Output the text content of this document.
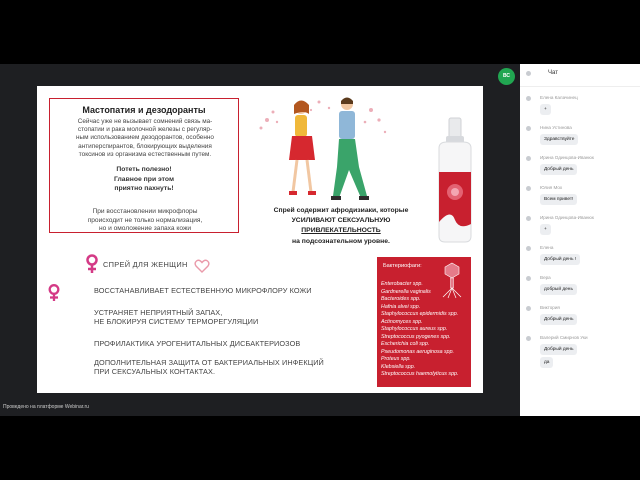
Мастопатия и дезодоранты
Сейчас уже не вызывает сомнений связь ма-
стопатии и рака молочной железы с регуляр-
ным использованием дезодорантов, особенно
антиперспирантов, блокирующих выделения
токсинов из организма естественным путем.
Потеть полезно!
Главное при этом
приятно пахнуть!
При восстановлении микрофлоры
происходит не только нормализация,
но и омоложение запаха кожи
Спрей содержит афродизиаки, которые
УСИЛИВАЮТ СЕКСУАЛЬНУЮ
ПРИВЛЕКАТЕЛЬНОСТЬ
на подсознательном уровне.
СПРЕЙ ДЛЯ ЖЕНЩИН
ВОССТАНАВЛИВАЕТ ЕСТЕСТВЕННУЮ МИКРОФЛОРУ КОЖИ
УСТРАНЯЕТ НЕПРИЯТНЫЙ ЗАПАХ,
НЕ БЛОКИРУЯ СИСТЕМУ ТЕРМОРЕГУЛЯЦИИ
ПРОФИЛАКТИКА УРОГЕНИТАЛЬНЫХ ДИСБАКТЕРИОЗОВ
ДОПОЛНИТЕЛЬНАЯ ЗАЩИТА ОТ БАКТЕРИАЛЬНЫХ ИНФЕКЦИЙ
ПРИ СЕКСУАЛЬНЫХ КОНТАКТАХ.
Бактериофаги:
Enterobacter spp.
Gardnerella vaginalis
Bacteroides spp.
Hafnia alvei spp.
Staphylococcus epidermidis spp.
Actinomyces spp.
Staphylococcus aureus spp.
Streptococcus pyogenes spp.
Escherichia coli spp.
Pseudomonas aeruginosa spp.
Proteus spp.
Klebsiella spp.
Streptococcus haemolyticus spp.
Проведено на платформе Webinar.ru
ВС	Чат
Елена Калачинец
+
Нина Устинова
Здравствуйте
Ирина Одинцова-Иванюк
Добрый день
Юлия Мох
Всем привет!
Ирина Одинцова-Иванюк
+
Елена
Добрый день !
Вера
добрый день
Виктория
Добрый день
Валерий Смирнов Уки
Добрый день
да
